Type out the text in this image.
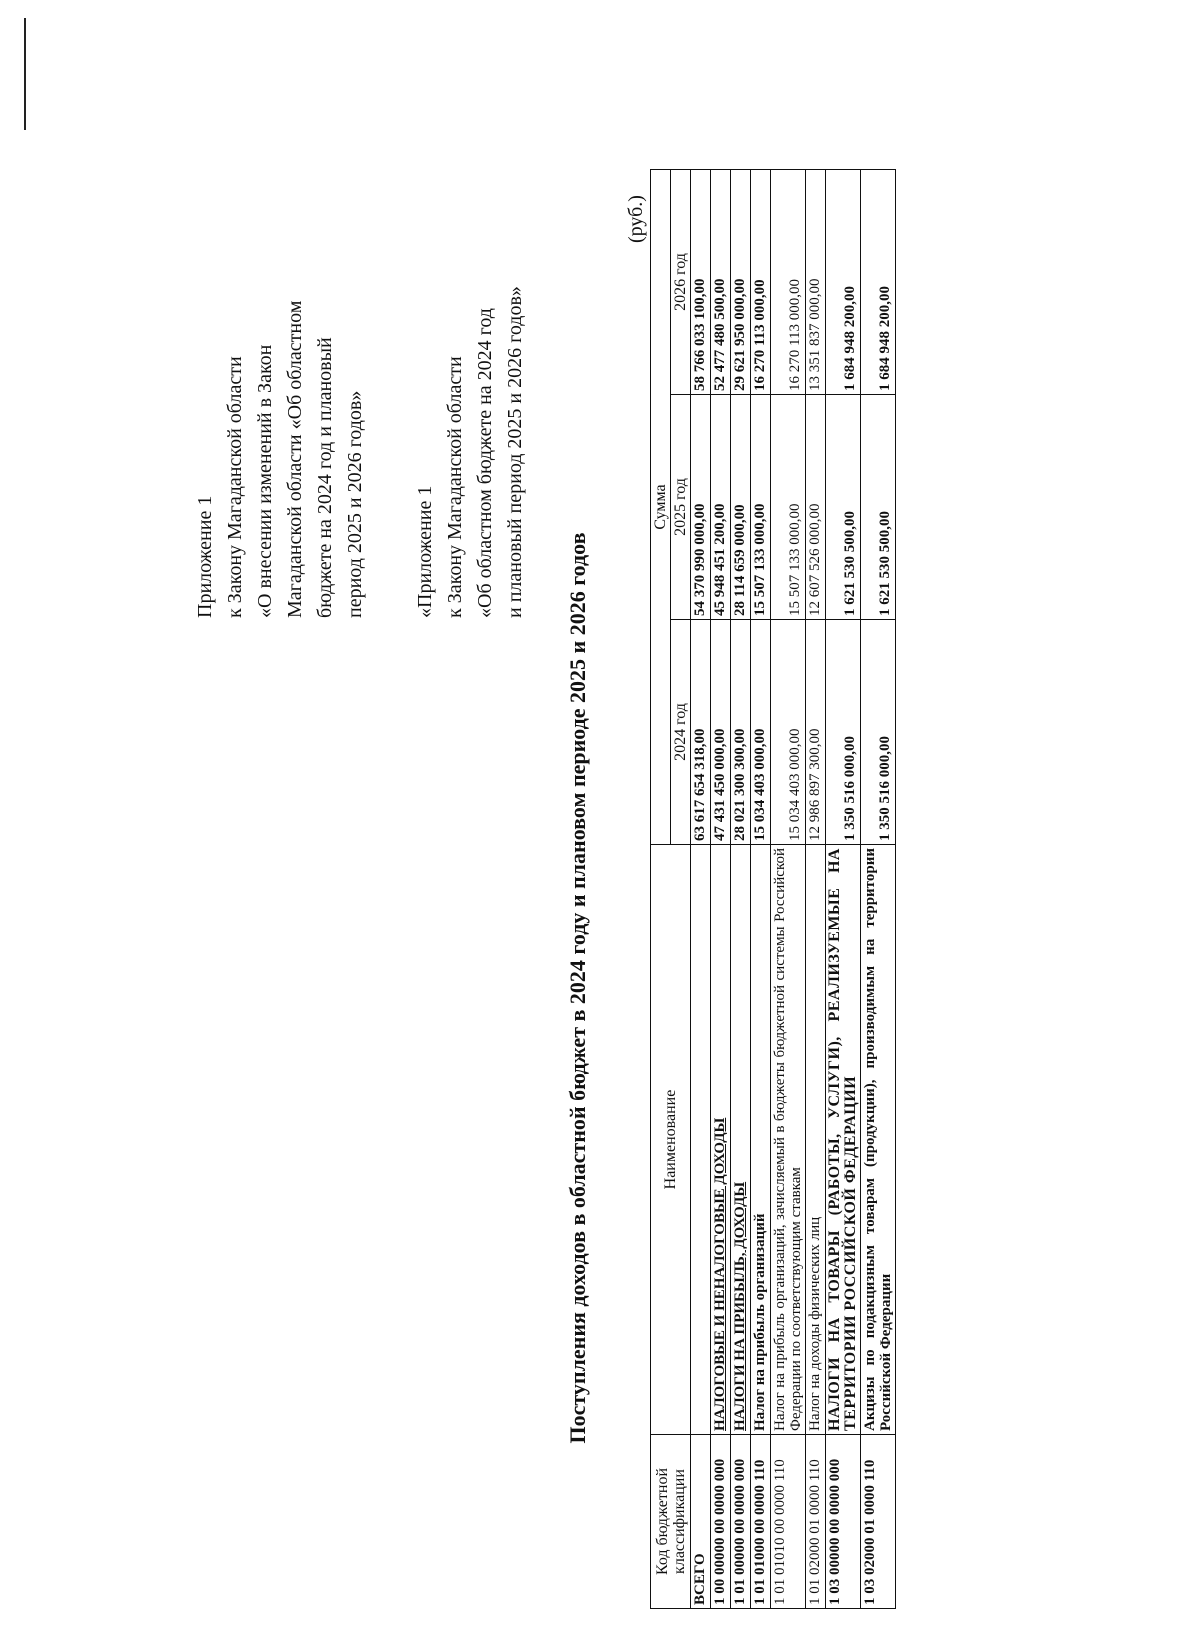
Приложение 1 к Закону Магаданской области «О внесении изменений в Закон Магаданской области «Об областном бюджете на 2024 год и плановый период 2025 и 2026 годов» «Приложение 1 к Закону Магаданской области «Об областном бюджете на 2024 год и плановый период 2025 и 2026 годов»
Поступления доходов в областной бюджет в 2024 году и плановом периоде 2025 и 2026 годов
(руб.)
Код бюджетной классификации	Наименование	Сумма		
		2024 год	2025 год	2026 год
ВСЕГО		63 617 654 318,00	54 370 990 000,00	58 766 033 100,00
1 00 00000 00 0000 000	НАЛОГОВЫЕ И НЕНАЛОГОВЫЕ ДОХОДЫ	47 431 450 000,00	45 948 451 200,00	52 477 480 500,00
1 01 00000 00 0000 000	НАЛОГИ НА ПРИБЫЛЬ, ДОХОДЫ	28 021 300 300,00	28 114 659 000,00	29 621 950 000,00
1 01 01000 00 0000 110	Налог на прибыль организаций	15 034 403 000,00	15 507 133 000,00	16 270 113 000,00
1 01 01010 00 0000 110	Налог на прибыль организаций, зачисляемый в бюджеты бюджетной системы Российской Федерации по соответствующим ставкам	15 034 403 000,00	15 507 133 000,00	16 270 113 000,00
1 01 02000 01 0000 110	Налог на доходы физических лиц	12 986 897 300,00	12 607 526 000,00	13 351 837 000,00
1 03 00000 00 0000 000	НАЛОГИ НА ТОВАРЫ (РАБОТЫ, УСЛУГИ), РЕАЛИЗУЕМЫЕ НА ТЕРРИТОРИИ РОССИЙСКОЙ ФЕДЕРАЦИИ	1 350 516 000,00	1 621 530 500,00	1 684 948 200,00
1 03 02000 01 0000 110	Акцизы по подакцизным товарам (продукции), производимым на территории Российской Федерации	1 350 516 000,00	1 621 530 500,00	1 684 948 200,00
